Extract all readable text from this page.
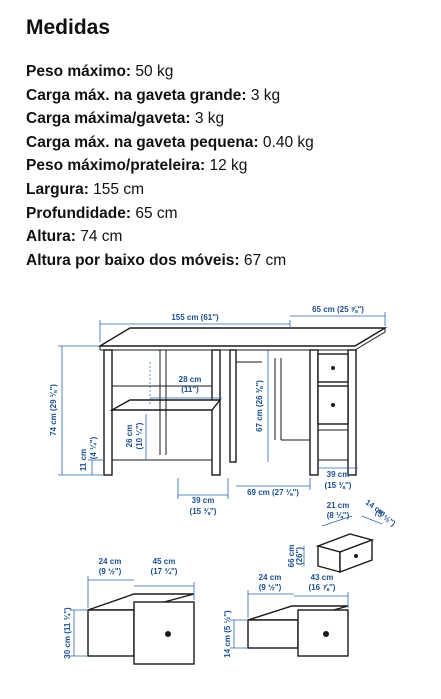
Medidas
Peso máximo: 50 kg
Carga máx. na gaveta grande: 3 kg
Carga máxima/gaveta: 3 kg
Carga máx. na gaveta pequena: 0.40 kg
Peso máximo/prateleira: 12 kg
Largura: 155 cm
Profundidade: 65 cm
Altura: 74 cm
Altura por baixo dos móveis: 67 cm
155 cm (61")
65 cm (25 ⅝")
74 cm (29 ⅛")
11 cm
(4 ¼")
28 cm
(11")
26 cm (10 ¼")
67 cm (26 ⅜")
39 cm
(15 ⅜")
69 cm (27 ⅛")
39 cm
(15 ⅜")
21 cm
(8 ¼") 14 cm
(5 ½")
66 cm (26")
24 cm
(9 ½")
45 cm
(17 ¾")
30 cm (11 ¾")
24 cm
(9 ½")
43 cm
(16 ⅞")
14 cm (5 ½")
